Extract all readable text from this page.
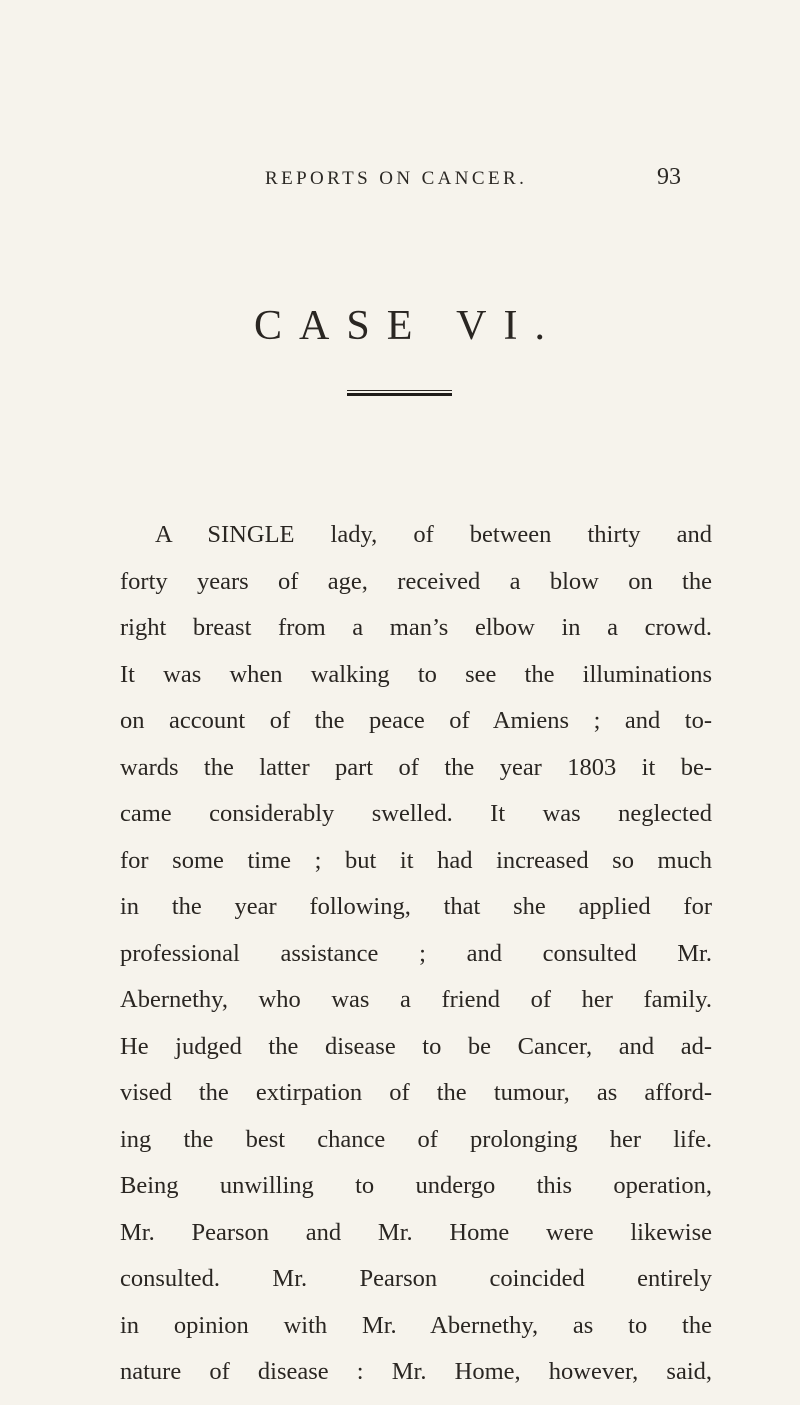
REPORTS ON CANCER.	93
CASE VI.
A SINGLE lady, of between thirty and
forty years of age, received a blow on the
right breast from a man’s elbow in a crowd.
It was when walking to see the illuminations
on account of the peace of Amiens ; and to-
wards the latter part of the year 1803 it be-
came considerably swelled. It was neglected
for some time ; but it had increased so much
in the year following, that she applied for
professional assistance ; and consulted Mr.
Abernethy, who was a friend of her family.
He judged the disease to be Cancer, and ad-
vised the extirpation of the tumour, as afford-
ing the best chance of prolonging her life.
Being unwilling to undergo this operation,
Mr. Pearson and Mr. Home were likewise
consulted. Mr. Pearson coincided entirely
in opinion with Mr. Abernethy, as to the
nature of disease : Mr. Home, however, said,
